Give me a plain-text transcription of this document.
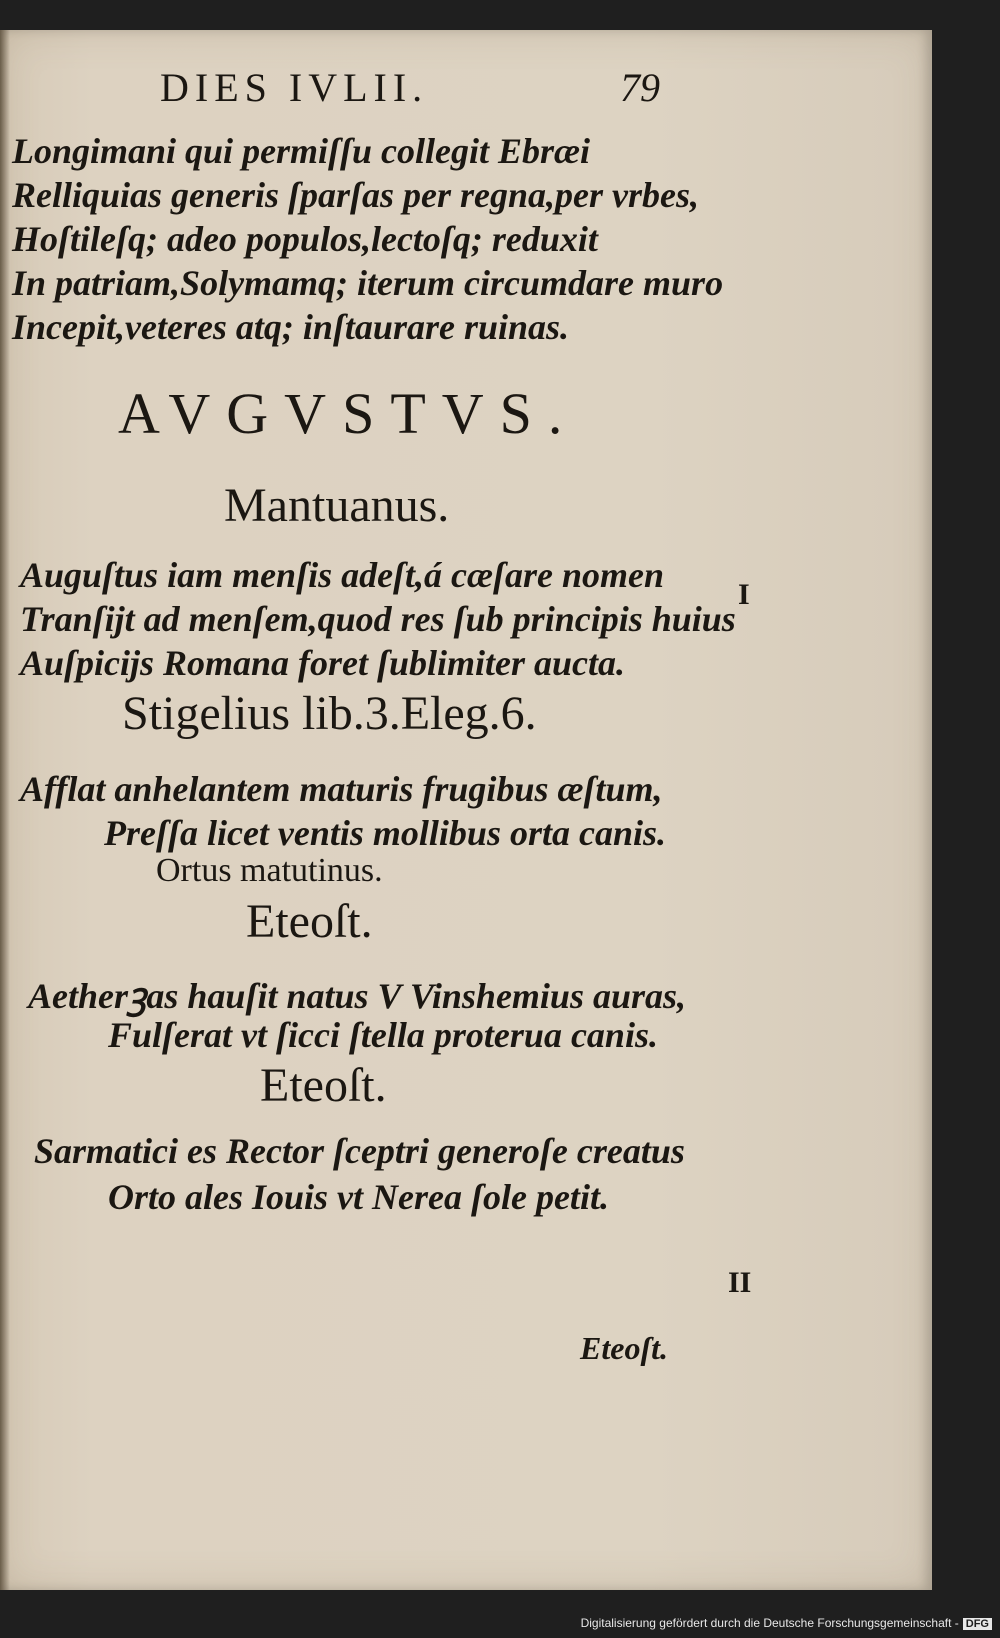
DIES IVLII.	79
Longimani qui permiſſu collegit Ebræi
Relliquias generis ſparſas per regna,per vrbes,
Hoſtileſq; adeo populos,lectoſq; reduxit
In patriam,Solymamq; iterum circumdare muro
Incepit,veteres atq; inſtaurare ruinas.
AVGVSTVS.
Mantuanus.
Auguſtus iam menſis adeſt,á cæſare nomen
Tranſijt ad menſem,quod res ſub principis huius
Auſpicijs Romana foret ſublimiter aucta.
I
Stigelius lib.3.Eleg.6.
Afflat anhelantem maturis frugibus æſtum,
Preſſa licet ventis mollibus orta canis.
Ortus matutinus.
Eteoſt.
Aetherꝫas hauſit natus V Vinshemius auras,
Fulſerat vt ſicci ſtella proterua canis.
Eteoſt.
Sarmatici es Rector ſceptri generoſe creatus
Orto ales Iouis vt Nerea ſole petit.
II
Eteoſt.
Digitalisierung gefördert durch die Deutsche Forschungsgemeinschaft - DFG
